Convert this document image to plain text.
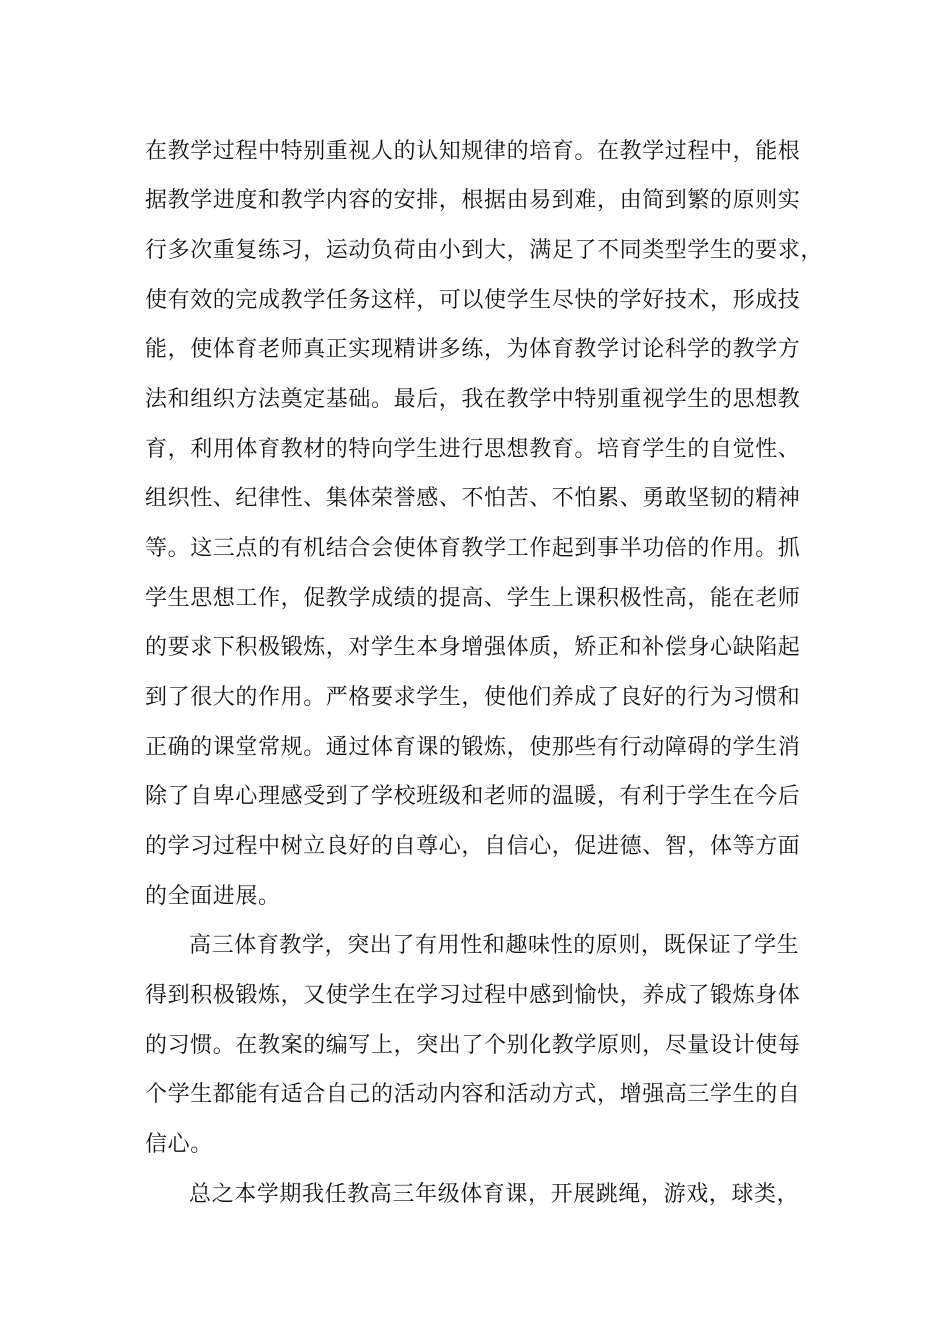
在教学过程中特别重视人的认知规律的培育。在教学过程中，能根
据教学进度和教学内容的安排，根据由易到难，由简到繁的原则实
行多次重复练习，运动负荷由小到大，满足了不同类型学生的要求，
使有效的完成教学任务这样，可以使学生尽快的学好技术，形成技
能，使体育老师真正实现精讲多练，为体育教学讨论科学的教学方
法和组织方法奠定基础。最后，我在教学中特别重视学生的思想教
育，利用体育教材的特向学生进行思想教育。培育学生的自觉性、
组织性、纪律性、集体荣誉感、不怕苦、不怕累、勇敢坚韧的精神
等。这三点的有机结合会使体育教学工作起到事半功倍的作用。抓
学生思想工作，促教学成绩的提高、学生上课积极性高，能在老师
的要求下积极锻炼，对学生本身增强体质，矫正和补偿身心缺陷起
到了很大的作用。严格要求学生，使他们养成了良好的行为习惯和
正确的课堂常规。通过体育课的锻炼，使那些有行动障碍的学生消
除了自卑心理感受到了学校班级和老师的温暖，有利于学生在今后
的学习过程中树立良好的自尊心，自信心，促进德、智，体等方面
的全面进展。
高三体育教学，突出了有用性和趣味性的原则，既保证了学生
得到积极锻炼，又使学生在学习过程中感到愉快，养成了锻炼身体
的习惯。在教案的编写上，突出了个别化教学原则，尽量设计使每
个学生都能有适合自己的活动内容和活动方式，增强高三学生的自
信心。
总之本学期我任教高三年级体育课，开展跳绳，游戏，球类，
